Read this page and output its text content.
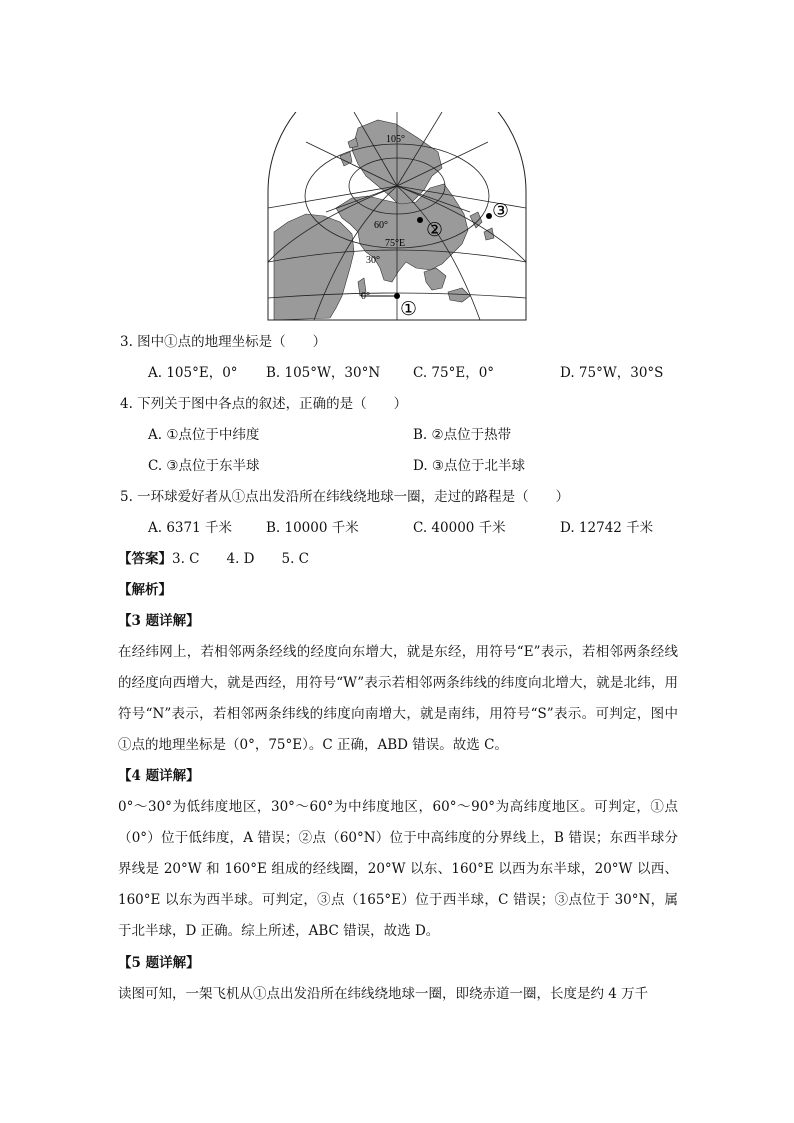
105°
60°
75°E
30°
0°
①
②
③
3. 图中①点的地理坐标是（　　）
A. 105°E，0° B. 105°W，30°N C. 75°E，0°	D. 75°W，30°S
4. 下列关于图中各点的叙述，正确的是（　　）
A. ①点位于中纬度	B. ②点位于热带
C. ③点位于东半球	D. ③点位于北半球
5. 一环球爱好者从①点出发沿所在纬线绕地球一圈，走过的路程是（　　）
A. 6371 千米	B. 10000 千米	C. 40000 千米	D. 12742 千米
【答案】3. C　　4. D　　5. C
【解析】
【3 题详解】
在经纬网上，若相邻两条经线的经度向东增大，就是东经，用符号“E”表示，若相邻两条经线的经度向西增大，就是西经，用符号“W”表示若相邻两条纬线的纬度向北增大，就是北纬，用符号“N”表示，若相邻两条纬线的纬度向南增大，就是南纬，用符号“S”表示。可判定，图中①点的地理坐标是（0°，75°E）。C 正确，ABD 错误。故选 C。
【4 题详解】
0°～30°为低纬度地区，30°～60°为中纬度地区，60°～90°为高纬度地区。可判定，①点（0°）位于低纬度，A 错误；②点（60°N）位于中高纬度的分界线上，B 错误；东西半球分界线是 20°W 和 160°E 组成的经线圈，20°W 以东、160°E 以西为东半球，20°W 以西、160°E 以东为西半球。可判定，③点（165°E）位于西半球，C 错误；③点位于 30°N，属于北半球，D 正确。综上所述，ABC 错误，故选 D。
【5 题详解】
读图可知，一架飞机从①点出发沿所在纬线绕地球一圈，即绕赤道一圈，长度是约 4 万千
